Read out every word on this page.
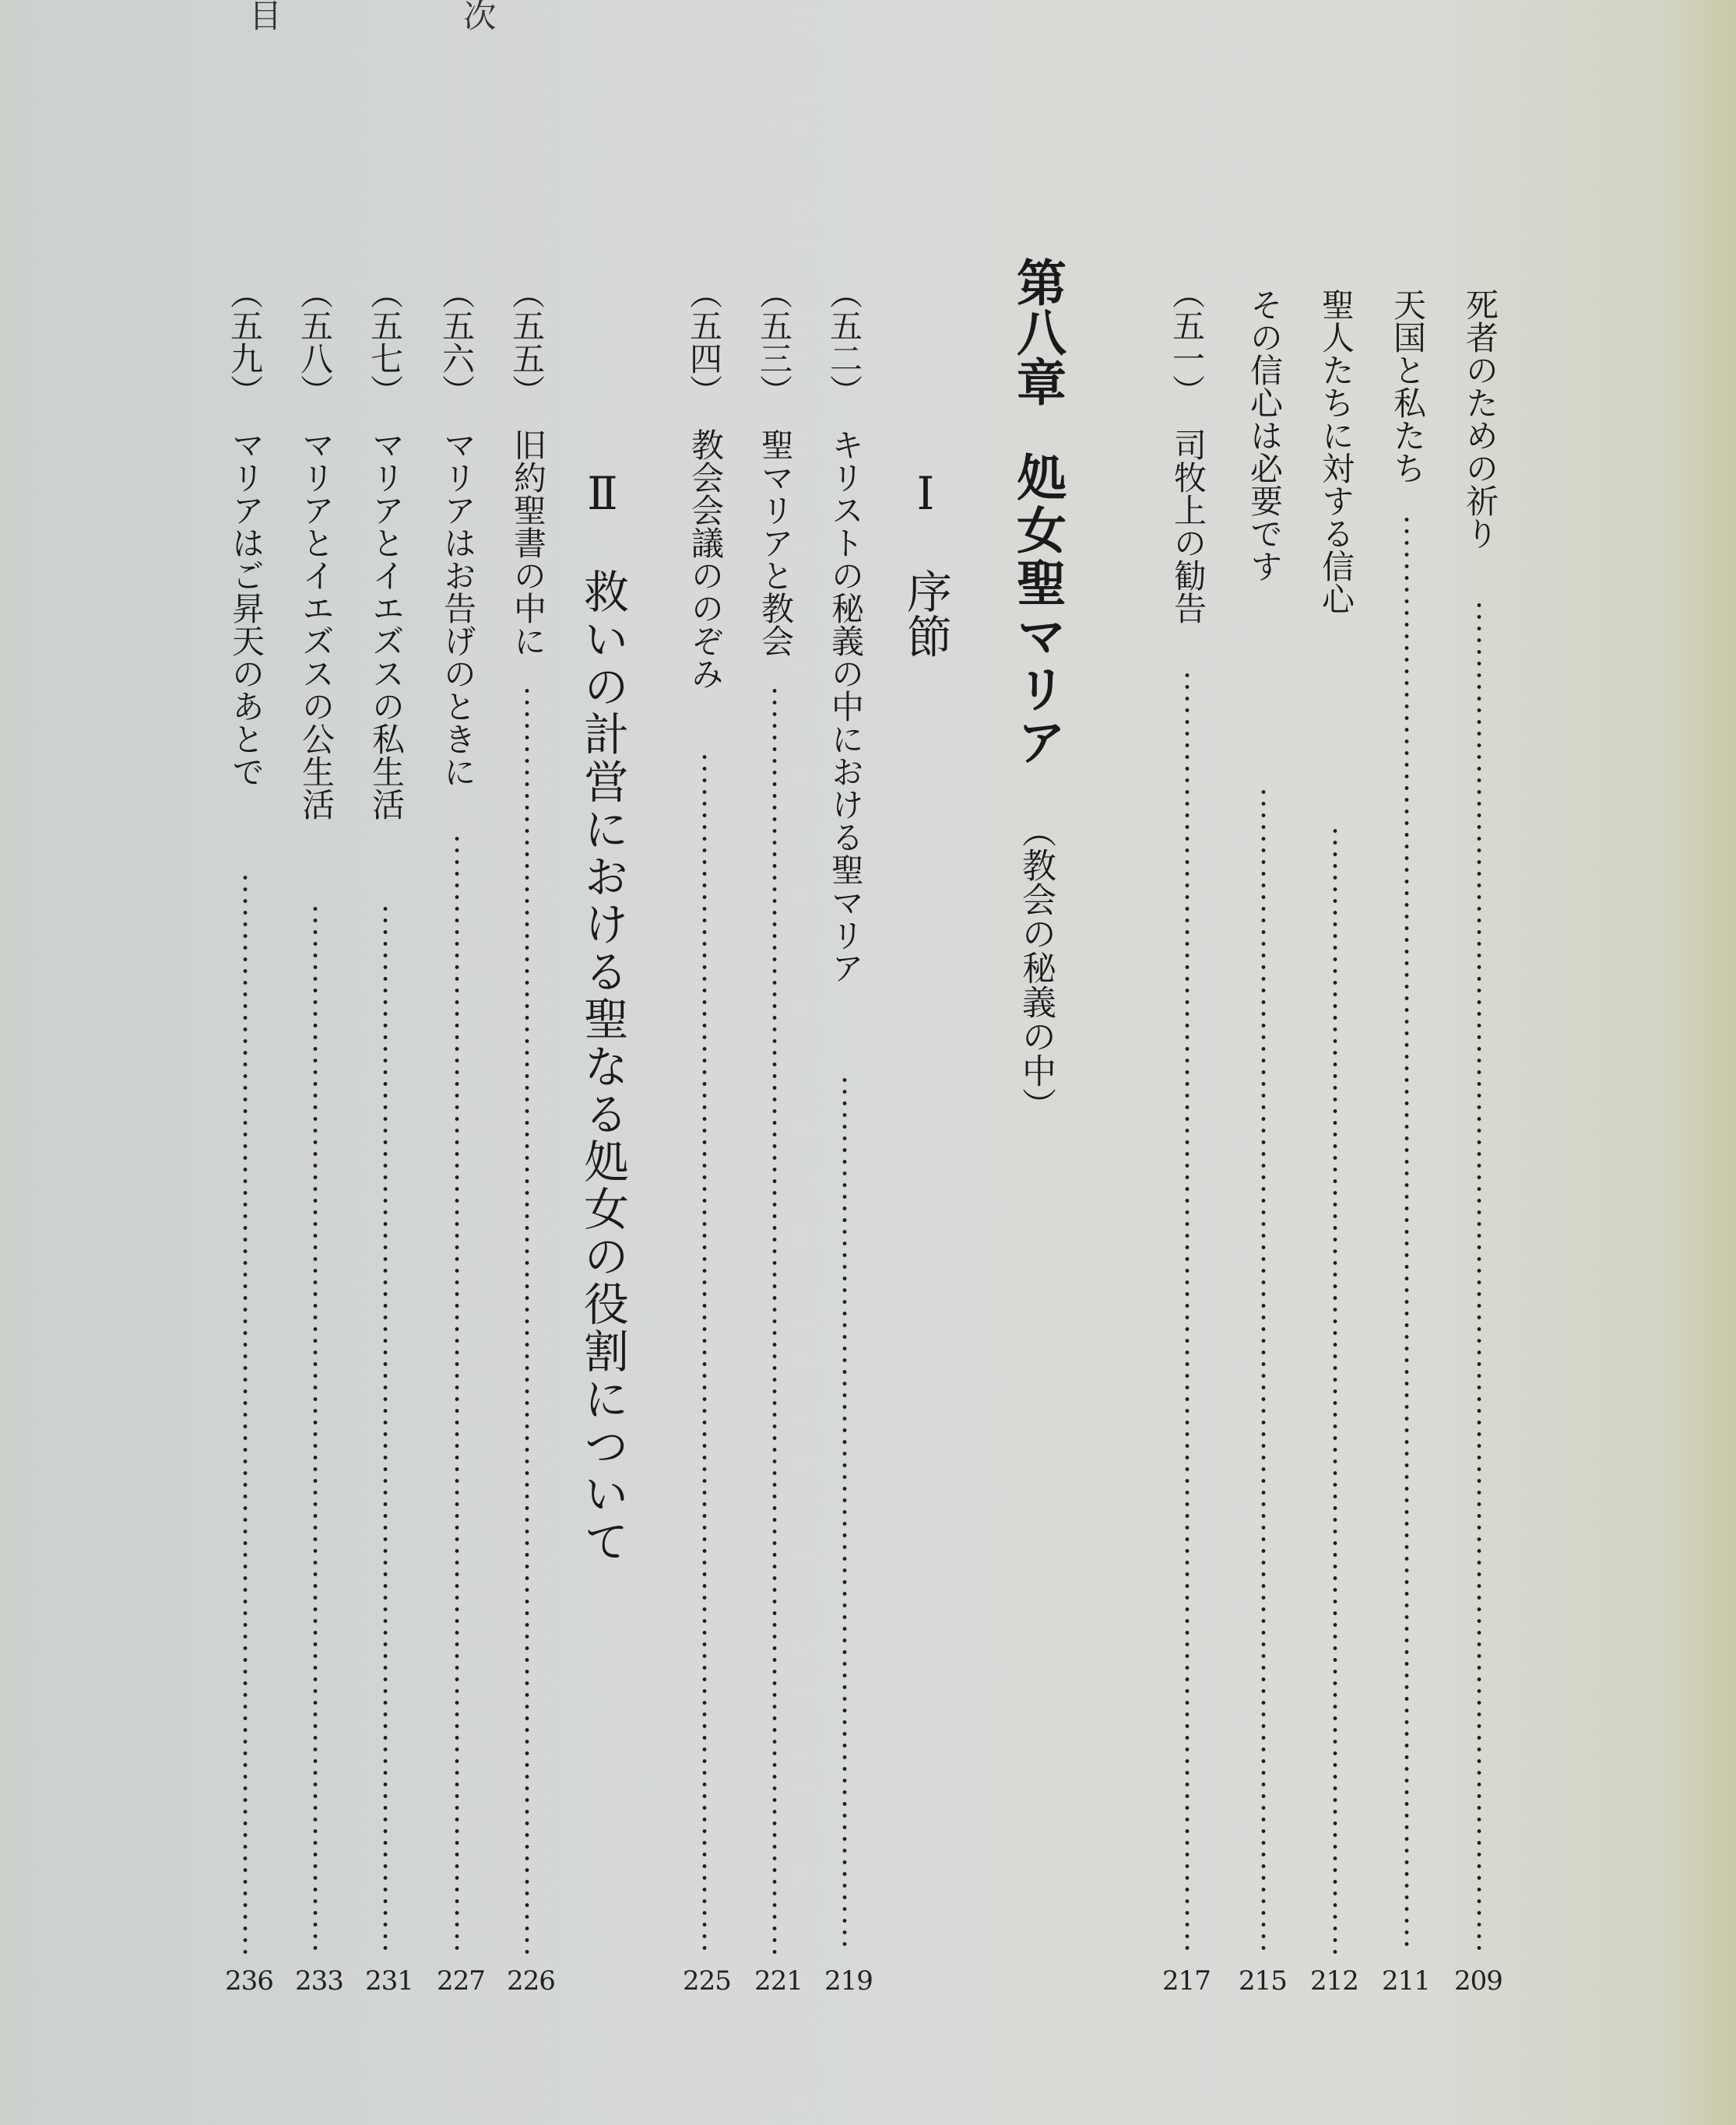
目 次
死者のための祈り
209
天国と私たち
211
聖人たちに対する信心
212
その信心は必要です
215
（五一）
司牧上の勧告
217
第八章
処女聖マリア
（教会の秘義の中）
Ⅰ
序節
（五二）
キリストの秘義の中における聖マリア
219
（五三）
聖マリアと教会
221
（五四）
教会会議ののぞみ
225
Ⅱ
救いの計営における聖なる処女の役割について
（五五）
旧約聖書の中に
226
（五六）
マリアはお告げのときに
227
（五七）
マリアとイエズスの私生活
231
（五八）
マリアとイエズスの公生活
233
（五九）
マリアはご昇天のあとで
236
